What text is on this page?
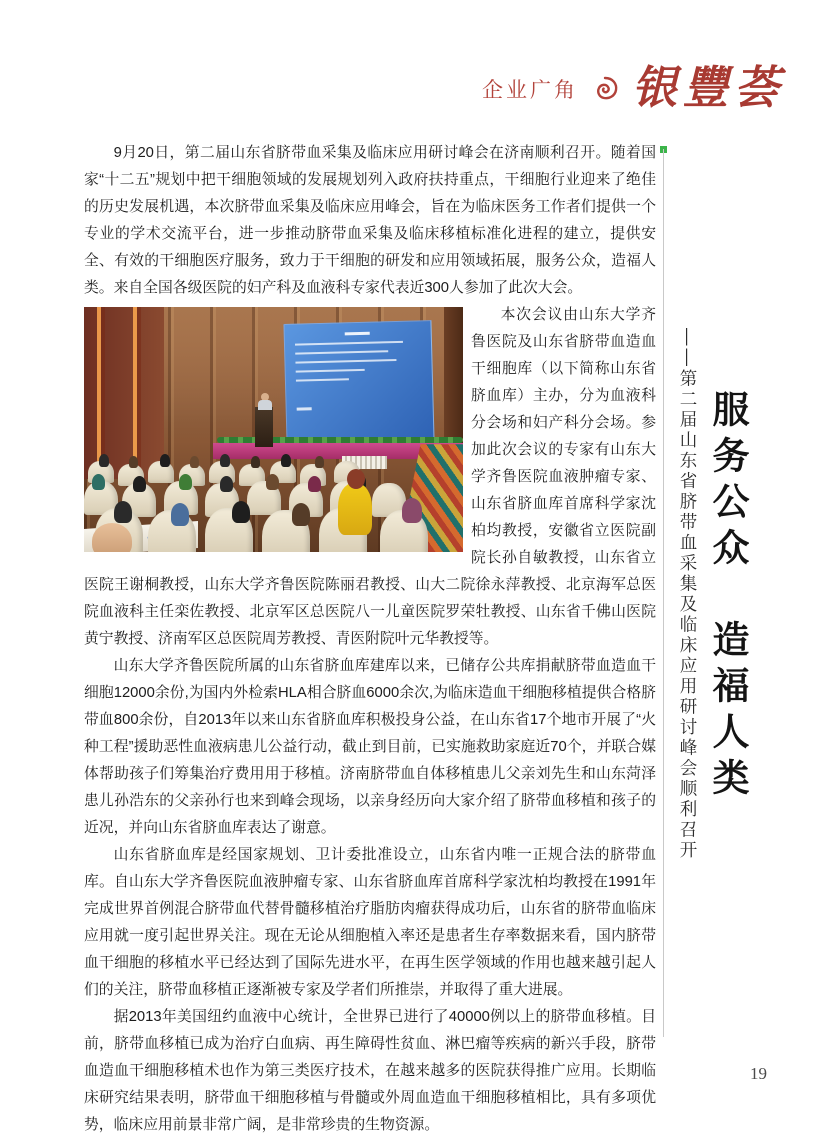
企业广角 银豐荟

9月20日，第二届山东省脐带血采集及临床应用研讨峰会在济南顺利召开。随着国家“十二五”规划中把干细胞领域的发展规划列入政府扶持重点，干细胞行业迎来了绝佳的历史发展机遇，本次脐带血采集及临床应用峰会，旨在为临床医务工作者们提供一个专业的学术交流平台，进一步推动脐带血采集及临床移植标准化进程的建立，提供安全、有效的干细胞医疗服务，致力于干细胞的研发和应用领域拓展，服务公众，造福人类。来自全国各级医院的妇产科及血液科专家代表近300人参加了此次大会。

本次会议由山东大学齐鲁医院及山东省脐带血造血干细胞库（以下简称山东省脐血库）主办，分为血液科分会场和妇产科分会场。参加此次会议的专家有山东大学齐鲁医院血液肿瘤专家、山东省脐血库首席科学家沈柏均教授，安徽省立医院副院长孙自敏教授，山东省立医院王谢桐教授，山东大学齐鲁医院陈丽君教授、山大二院徐永萍教授、北京海军总医院血液科主任栾佐教授、北京军区总医院八一儿童医院罗荣牡教授、山东省千佛山医院黄宁教授、济南军区总医院周芳教授、青医附院叶元华教授等。

山东大学齐鲁医院所属的山东省脐血库建库以来，已储存公共库捐献脐带血造血干细胞12000余份,为国内外检索HLA相合脐血6000余次,为临床造血干细胞移植提供合格脐带血800余份，自2013年以来山东省脐血库积极投身公益，在山东省17个地市开展了“火种工程”援助恶性血液病患儿公益行动，截止到目前，已实施救助家庭近70个，并联合媒体帮助孩子们筹集治疗费用用于移植。济南脐带血自体移植患儿父亲刘先生和山东菏泽患儿孙浩东的父亲孙行也来到峰会现场，以亲身经历向大家介绍了脐带血移植和孩子的近况，并向山东省脐血库表达了谢意。

山东省脐血库是经国家规划、卫计委批准设立，山东省内唯一正规合法的脐带血库。自山东大学齐鲁医院血液肿瘤专家、山东省脐血库首席科学家沈柏均教授在1991年完成世界首例混合脐带血代替骨髓移植治疗脂肪肉瘤获得成功后，山东省的脐带血临床应用就一度引起世界关注。现在无论从细胞植入率还是患者生存率数据来看，国内脐带血干细胞的移植水平已经达到了国际先进水平，在再生医学领域的作用也越来越引起人们的关注，脐带血移植正逐渐被专家及学者们所推崇，并取得了重大进展。

据2013年美国纽约血液中心统计，全世界已进行了40000例以上的脐带血移植。目前，脐带血移植已成为治疗白血病、再生障碍性贫血、淋巴瘤等疾病的新兴手段，脐带血造血干细胞移植术也作为第三类医疗技术，在越来越多的医院获得推广应用。长期临床研究结果表明，脐带血干细胞移植与骨髓或外周血造血干细胞移植相比，具有多项优势，临床应用前景非常广阔，是非常珍贵的生物资源。

——第二届山东省脐带血采集及临床应用研讨峰会顺利召开 服务公众　造福人类
19
